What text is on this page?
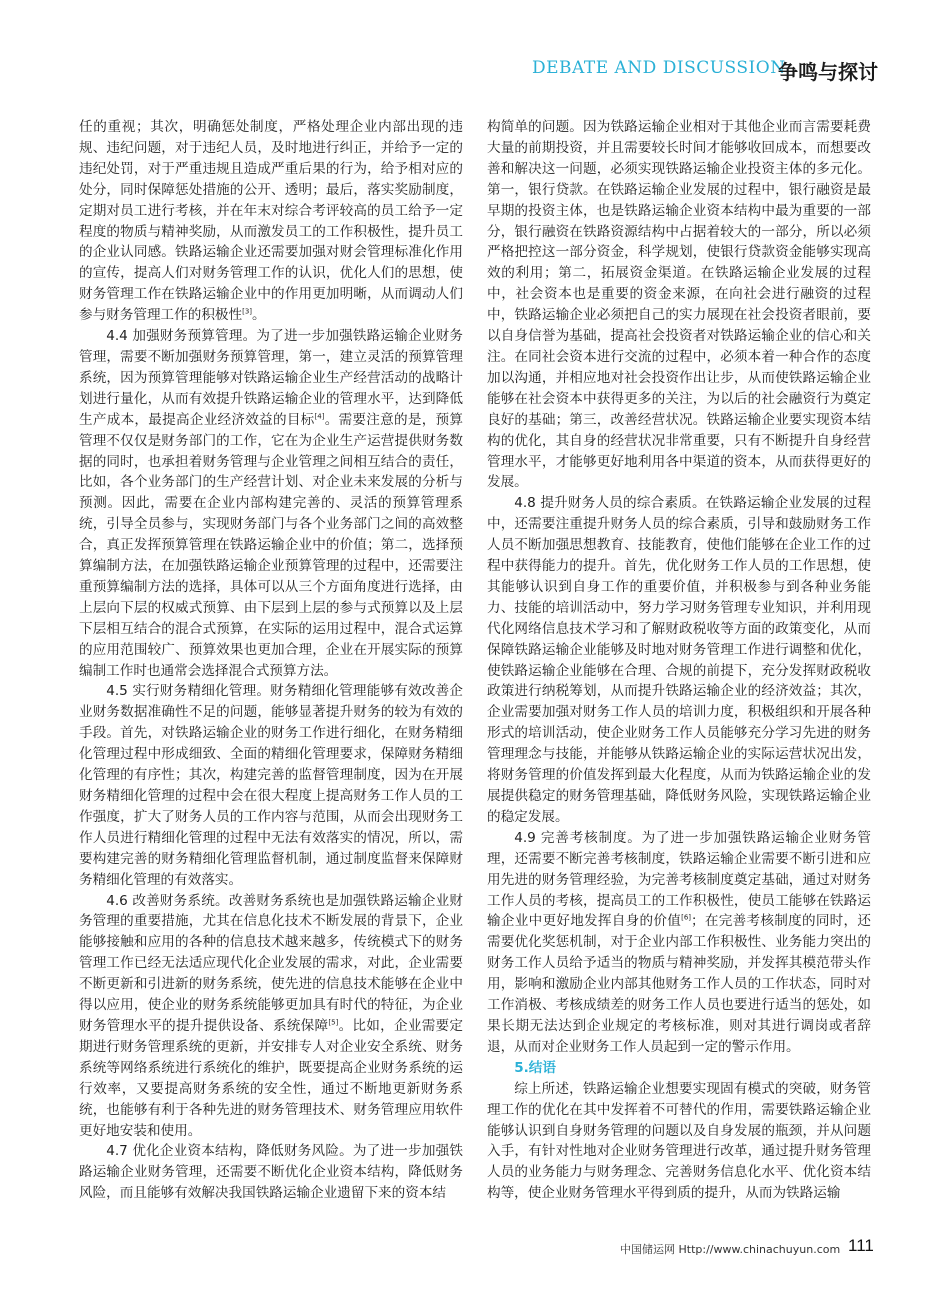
DEBATE AND DISCUSSION
争鸣与探讨

任的重视；其次，明确惩处制度，严格处理企业内部出现的违规、违纪问题，对于违纪人员，及时地进行纠正，并给予一定的违纪处罚，对于严重违规且造成严重后果的行为，给予相对应的处分，同时保障惩处措施的公开、透明；最后，落实奖励制度，定期对员工进行考核，并在年末对综合考评较高的员工给予一定程度的物质与精神奖励，从而激发员工的工作积极性，提升员工的企业认同感。铁路运输企业还需要加强对财会管理标准化作用的宣传，提高人们对财务管理工作的认识，优化人们的思想，使财务管理工作在铁路运输企业中的作用更加明晰，从而调动人们参与财务管理工作的积极性[3]。

4.4 加强财务预算管理。为了进一步加强铁路运输企业财务管理，需要不断加强财务预算管理，第一，建立灵活的预算管理系统，因为预算管理能够对铁路运输企业生产经营活动的战略计划进行量化，从而有效提升铁路运输企业的管理水平，达到降低生产成本，最提高企业经济效益的目标[4]。需要注意的是，预算管理不仅仅是财务部门的工作，它在为企业生产运营提供财务数据的同时，也承担着财务管理与企业管理之间相互结合的责任，比如，各个业务部门的生产经营计划、对企业未来发展的分析与预测。因此，需要在企业内部构建完善的、灵活的预算管理系统，引导全员参与，实现财务部门与各个业务部门之间的高效整合，真正发挥预算管理在铁路运输企业中的价值；第二，选择预算编制方法，在加强铁路运输企业预算管理的过程中，还需要注重预算编制方法的选择，具体可以从三个方面角度进行选择，由上层向下层的权威式预算、由下层到上层的参与式预算以及上层下层相互结合的混合式预算，在实际的运用过程中，混合式运算的应用范围较广、预算效果也更加合理，企业在开展实际的预算编制工作时也通常会选择混合式预算方法。

4.5 实行财务精细化管理。财务精细化管理能够有效改善企业财务数据准确性不足的问题，能够显著提升财务的较为有效的手段。首先，对铁路运输企业的财务工作进行细化，在财务精细化管理过程中形成细致、全面的精细化管理要求，保障财务精细化管理的有序性；其次，构建完善的监督管理制度，因为在开展财务精细化管理的过程中会在很大程度上提高财务工作人员的工作强度，扩大了财务人员的工作内容与范围，从而会出现财务工作人员进行精细化管理的过程中无法有效落实的情况，所以，需要构建完善的财务精细化管理监督机制，通过制度监督来保障财务精细化管理的有效落实。

4.6 改善财务系统。改善财务系统也是加强铁路运输企业财务管理的重要措施，尤其在信息化技术不断发展的背景下，企业能够接触和应用的各种的信息技术越来越多，传统模式下的财务管理工作已经无法适应现代化企业发展的需求，对此，企业需要不断更新和引进新的财务系统，使先进的信息技术能够在企业中得以应用，使企业的财务系统能够更加具有时代的特征，为企业财务管理水平的提升提供设备、系统保障[5]。比如，企业需要定期进行财务管理系统的更新，并安排专人对企业安全系统、财务系统等网络系统进行系统化的维护，既要提高企业财务系统的运行效率，又要提高财务系统的安全性，通过不断地更新财务系统，也能够有利于各种先进的财务管理技术、财务管理应用软件更好地安装和使用。

4.7 优化企业资本结构，降低财务风险。为了进一步加强铁路运输企业财务管理，还需要不断优化企业资本结构，降低财务风险，而且能够有效解决我国铁路运输企业遗留下来的资本结

构简单的问题。因为铁路运输企业相对于其他企业而言需要耗费大量的前期投资，并且需要较长时间才能够收回成本，而想要改善和解决这一问题，必须实现铁路运输企业投资主体的多元化。第一，银行贷款。在铁路运输企业发展的过程中，银行融资是最早期的投资主体，也是铁路运输企业资本结构中最为重要的一部分，银行融资在铁路资源结构中占据着较大的一部分，所以必须严格把控这一部分资金，科学规划，使银行贷款资金能够实现高效的利用；第二，拓展资金渠道。在铁路运输企业发展的过程中，社会资本也是重要的资金来源，在向社会进行融资的过程中，铁路运输企业必须把自己的实力展现在社会投资者眼前，要以自身信誉为基础，提高社会投资者对铁路运输企业的信心和关注。在同社会资本进行交流的过程中，必须本着一种合作的态度加以沟通，并相应地对社会投资作出让步，从而使铁路运输企业能够在社会资本中获得更多的关注，为以后的社会融资行为奠定良好的基础；第三，改善经营状况。铁路运输企业要实现资本结构的优化，其自身的经营状况非常重要，只有不断提升自身经营管理水平，才能够更好地利用各中渠道的资本，从而获得更好的发展。

4.8 提升财务人员的综合素质。在铁路运输企业发展的过程中，还需要注重提升财务人员的综合素质，引导和鼓励财务工作人员不断加强思想教育、技能教育，使他们能够在企业工作的过程中获得能力的提升。首先，优化财务工作人员的工作思想，使其能够认识到自身工作的重要价值，并积极参与到各种业务能力、技能的培训活动中，努力学习财务管理专业知识，并利用现代化网络信息技术学习和了解财政税收等方面的政策变化，从而保障铁路运输企业能够及时地对财务管理工作进行调整和优化，使铁路运输企业能够在合理、合规的前提下，充分发挥财政税收政策进行纳税筹划，从而提升铁路运输企业的经济效益；其次，企业需要加强对财务工作人员的培训力度，积极组织和开展各种形式的培训活动，使企业财务工作人员能够充分学习先进的财务管理理念与技能，并能够从铁路运输企业的实际运营状况出发，将财务管理的价值发挥到最大化程度，从而为铁路运输企业的发展提供稳定的财务管理基础，降低财务风险，实现铁路运输企业的稳定发展。

4.9 完善考核制度。为了进一步加强铁路运输企业财务管理，还需要不断完善考核制度，铁路运输企业需要不断引进和应用先进的财务管理经验，为完善考核制度奠定基础，通过对财务工作人员的考核，提高员工的工作积极性，使员工能够在铁路运输企业中更好地发挥自身的价值[6]；在完善考核制度的同时，还需要优化奖惩机制，对于企业内部工作积极性、业务能力突出的财务工作人员给予适当的物质与精神奖励，并发挥其模范带头作用，影响和激励企业内部其他财务工作人员的工作状态，同时对工作消极、考核成绩差的财务工作人员也要进行适当的惩处，如果长期无法达到企业规定的考核标准，则对其进行调岗或者辞退，从而对企业财务工作人员起到一定的警示作用。

5.结语

综上所述，铁路运输企业想要实现固有模式的突破，财务管理工作的优化在其中发挥着不可替代的作用，需要铁路运输企业能够认识到自身财务管理的问题以及自身发展的瓶颈，并从问题入手，有针对性地对企业财务管理进行改革，通过提升财务管理人员的业务能力与财务理念、完善财务信息化水平、优化资本结构等，使企业财务管理水平得到质的提升，从而为铁路运输

中国储运网 Http://www.chinachuyun.com 111
